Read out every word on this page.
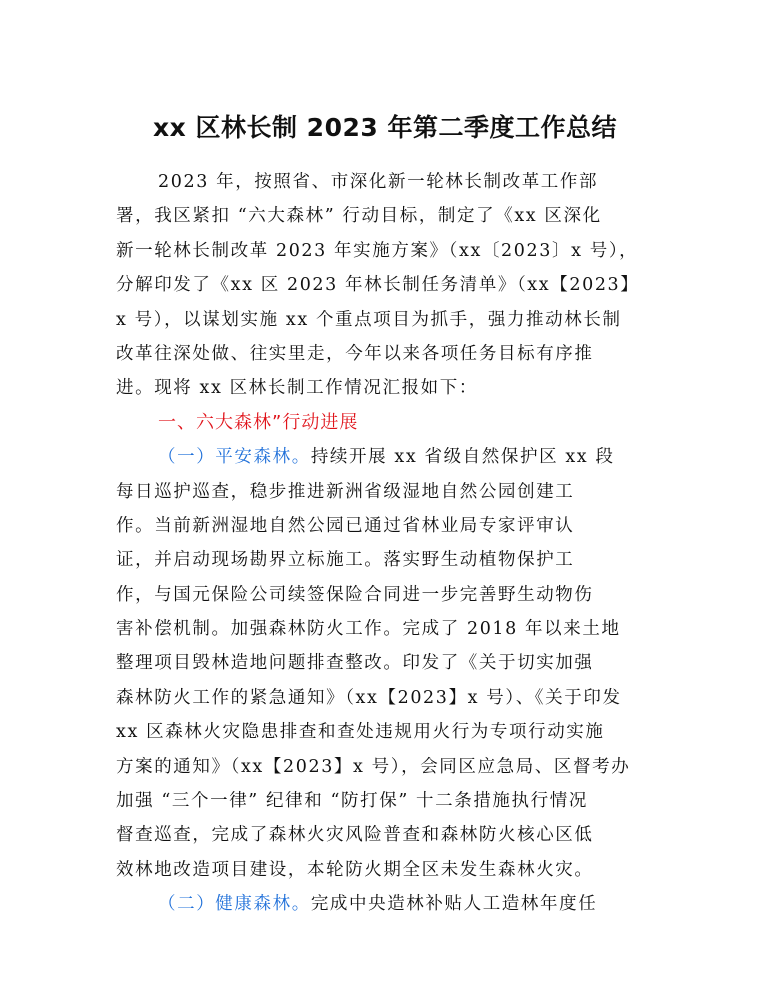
xx 区林长制 2023 年第二季度工作总结
2023 年，按照省、市深化新一轮林长制改革工作部
署，我区紧扣 “六大森林” 行动目标，制定了《xx 区深化
新一轮林长制改革 2023 年实施方案》（xx〔2023〕x 号），
分解印发了《xx 区 2023 年林长制任务清单》（xx【2023】
x 号），以谋划实施 xx 个重点项目为抓手，强力推动林长制
改革往深处做、往实里走，今年以来各项任务目标有序推
进。现将 xx 区林长制工作情况汇报如下：
一、六大森林”行动进展
（一）平安森林。持续开展 xx 省级自然保护区 xx 段
每日巡护巡查，稳步推进新洲省级湿地自然公园创建工
作。当前新洲湿地自然公园已通过省林业局专家评审认
证，并启动现场勘界立标施工。落实野生动植物保护工
作，与国元保险公司续签保险合同进一步完善野生动物伤
害补偿机制。加强森林防火工作。完成了 2018 年以来土地
整理项目毁林造地问题排查整改。印发了《关于切实加强
森林防火工作的紧急通知》（xx【2023】x 号）、《关于印发
xx 区森林火灾隐患排查和查处违规用火行为专项行动实施
方案的通知》（xx【2023】x 号），会同区应急局、区督考办
加强 “三个一律” 纪律和 “防打保” 十二条措施执行情况
督查巡查，完成了森林火灾风险普查和森林防火核心区低
效林地改造项目建设，本轮防火期全区未发生森林火灾。
（二）健康森林。完成中央造林补贴人工造林年度任
